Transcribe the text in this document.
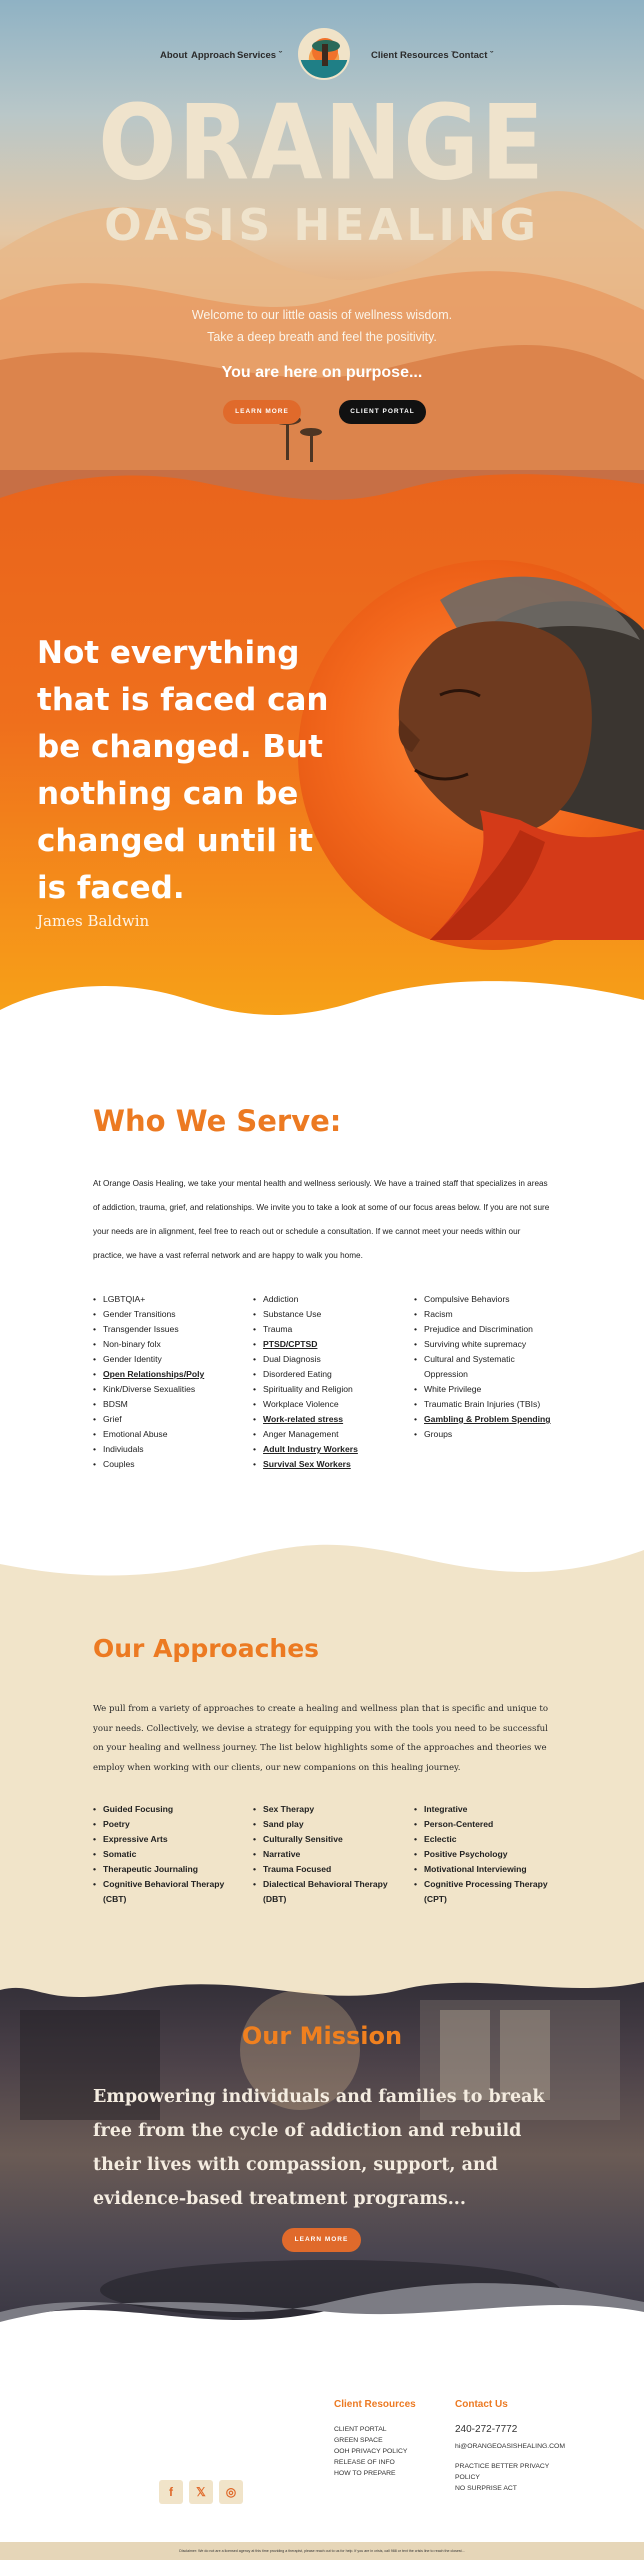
About Approach Services ˇ	Client Resources ˇ
Contact ˇ
ORANGE
OASIS HEALING
Welcome to our little oasis of wellness wisdom.
Take a deep breath and feel the positivity.
You are here on purpose...
LEARN MORE	CLIENT PORTAL
Not everything that is faced can be changed. But nothing can be changed until it is faced.
James Baldwin
Who We Serve:

At Orange Oasis Healing, we take your mental health and wellness seriously. We have a trained staff that specializes in areas of addiction, trauma, grief, and relationships. We invite you to take a look at some of our focus areas below. If you are not sure your needs are in alignment, feel free to reach out or schedule a consultation. If we cannot meet your needs within our practice, we have a vast referral network and are happy to walk you home.

• LGBTQIA+
• Gender Transitions
• Transgender Issues
• Non-binary folx
• Gender Identity
• Open Relationships/Poly
• Kink/Diverse Sexualities
• BDSM
• Grief
• Emotional Abuse
• Indiviudals
• Couples
• Addiction
• Substance Use
• Trauma
• PTSD/CPTSD
• Dual Diagnosis
• Disordered Eating
• Spirituality and Religion
• Workplace Violence
• Work-related stress
• Anger Management
• Adult Industry Workers
• Survival Sex Workers
• Compulsive Behaviors
• Racism
• Prejudice and Discrimination
• Surviving white supremacy
• Cultural and Systematic Oppression
• White Privilege
• Traumatic Brain Injuries (TBIs)
• Gambling & Problem Spending
• Groups
Our Approaches

We pull from a variety of approaches to create a healing and wellness plan that is specific and unique to your needs. Collectively, we devise a strategy for equipping you with the tools you need to be successful on your healing and wellness journey. The list below highlights some of the approaches and theories we employ when working with our clients, our new companions on this healing journey.

• Guided Focusing
• Poetry
• Expressive Arts
• Somatic
• Therapeutic Journaling
• Cognitive Behavioral Therapy (CBT)
• Sex Therapy
• Sand play
• Culturally Sensitive
• Narrative
• Trauma Focused
• Dialectical Behavioral Therapy (DBT)
• Integrative
• Person-Centered
• Eclectic
• Positive Psychology
• Motivational Interviewing
• Cognitive Processing Therapy (CPT)
Our Mission

Empowering individuals and families to break free from the cycle of addiction and rebuild their lives with compassion, support, and evidence-based treatment programs...

LEARN MORE
Client Resources
CLIENT PORTAL
GREEN SPACE
OOH PRIVACY POLICY
RELEASE OF INFO
HOW TO PREPARE
Contact Us
240-272-7772
hi@ORANGEOASISHEALING.COM
PRACTICE BETTER PRIVACY
POLICY
NO SURPRISE ACT
f	𝕏	◎
Disclaimer: We do not are a licensed agency at this time providing a therapist, please reach out to us for help. If you are in crisis, call 988 or text the crisis line to reach the closest...
